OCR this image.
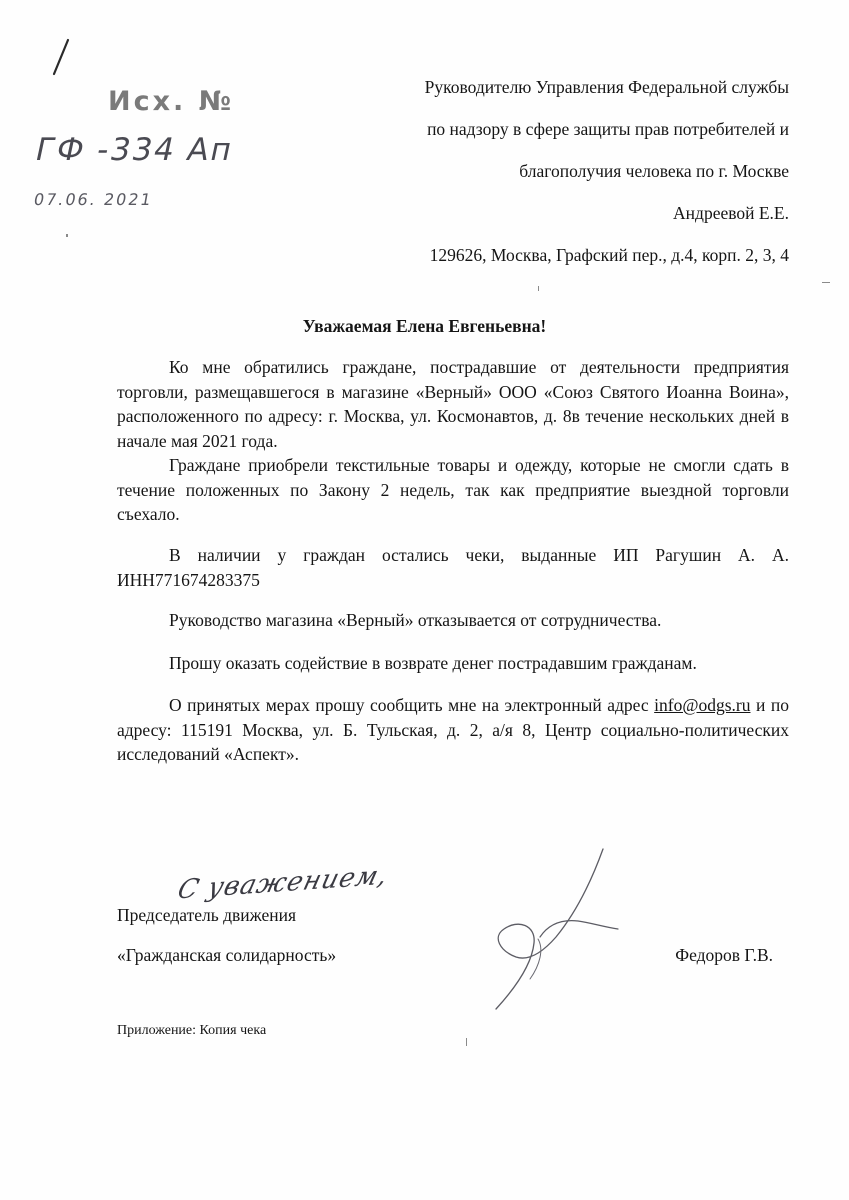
Исх. №
ГФ -334 Ап
07.06. 2021
Руководителю Управления Федеральной службы
по надзору в сфере защиты прав потребителей и
благополучия человека по г. Москве
Андреевой Е.Е.
129626, Москва, Графский пер., д.4, корп. 2, 3, 4
Уважаемая Елена Евгеньевна!

Ко мне обратились граждане, пострадавшие от деятельности предприятия торговли, размещавшегося в магазине «Верный» ООО «Союз Святого Иоанна Воина», расположенного по адресу: г. Москва, ул. Космонавтов, д. 8в течение нескольких дней в начале мая 2021 года.

Граждане приобрели текстильные товары и одежду, которые не смогли сдать в течение положенных по Закону 2 недель, так как предприятие выездной торговли съехало.

В наличии у граждан остались чеки, выданные ИП Рагушин А. А. ИНН771674283375

Руководство магазина «Верный» отказывается от сотрудничества.

Прошу оказать содействие в возврате денег пострадавшим гражданам.

О принятых мерах прошу сообщить мне на электронный адрес info@odgs.ru и по адресу: 115191 Москва, ул. Б. Тульская, д. 2, а/я 8, Центр социально-политических исследований «Аспект».

С уважением,
Председатель движения
«Гражданская солидарность»	Федоров Г.В.
Приложение: Копия чека
